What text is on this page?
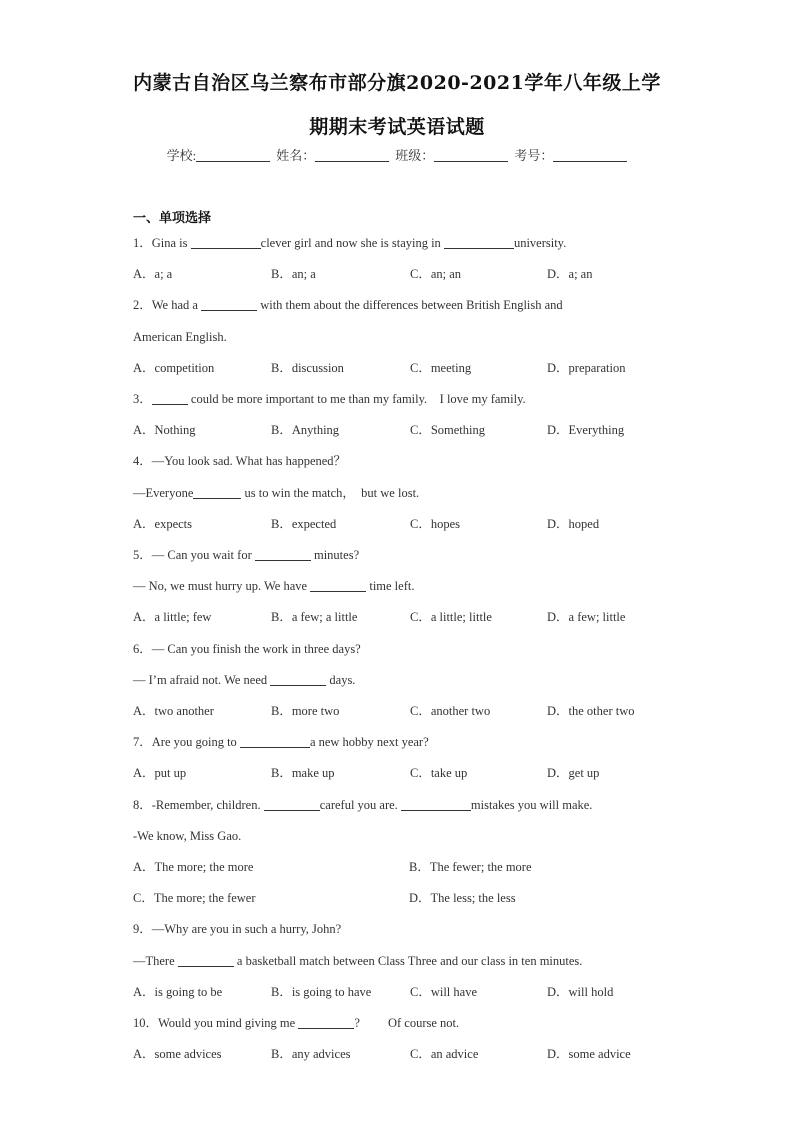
内蒙古自治区乌兰察布市部分旗2020-2021学年八年级上学
期期末考试英语试题
学校:	姓名：	班级：	考号：
一、单项选择
1．Gina is	clever girl and now she is staying in	university.
A．a; a	B．an; a	C．an; an	D．a; an
2．We had a	with them about the differences between British English and
American English.
A．competition	B．discussion	C．meeting	D．preparation
3．	could be more important to me than my family.    I love my family.
A．Nothing	B．Anything	C．Something	D．Everything
4．—You look sad. What has happened？
—Everyone	us to win the match，  but we lost.
A．expects	B．expected	C．hopes	D．hoped
5．— Can you wait for	minutes?
— No, we must hurry up. We have	time left.
A．a little; few	B．a few; a little	C．a little; little	D．a few; little
6．— Can you finish the work in three days?
— I’m afraid not. We need	days.
A．two another	B．more two	C．another two	D．the other two
7．Are you going to	a new hobby next year?
A．put up	B．make up	C．take up	D．get up
8．-Remember, children.	careful you are.	mistakes you will make.
-We know, Miss Gao.
A．The more; the more	B．The fewer; the more
C．The more; the fewer	D．The less; the less
9．—Why are you in such a hurry, John?
—There	a basketball match between Class Three and our class in ten minutes.
A．is going to be	B．is going to have	C．will have	D．will hold
10．Would you mind giving me	?         Of course not.
A．some advices	B．any advices	C．an advice	D．some advice
